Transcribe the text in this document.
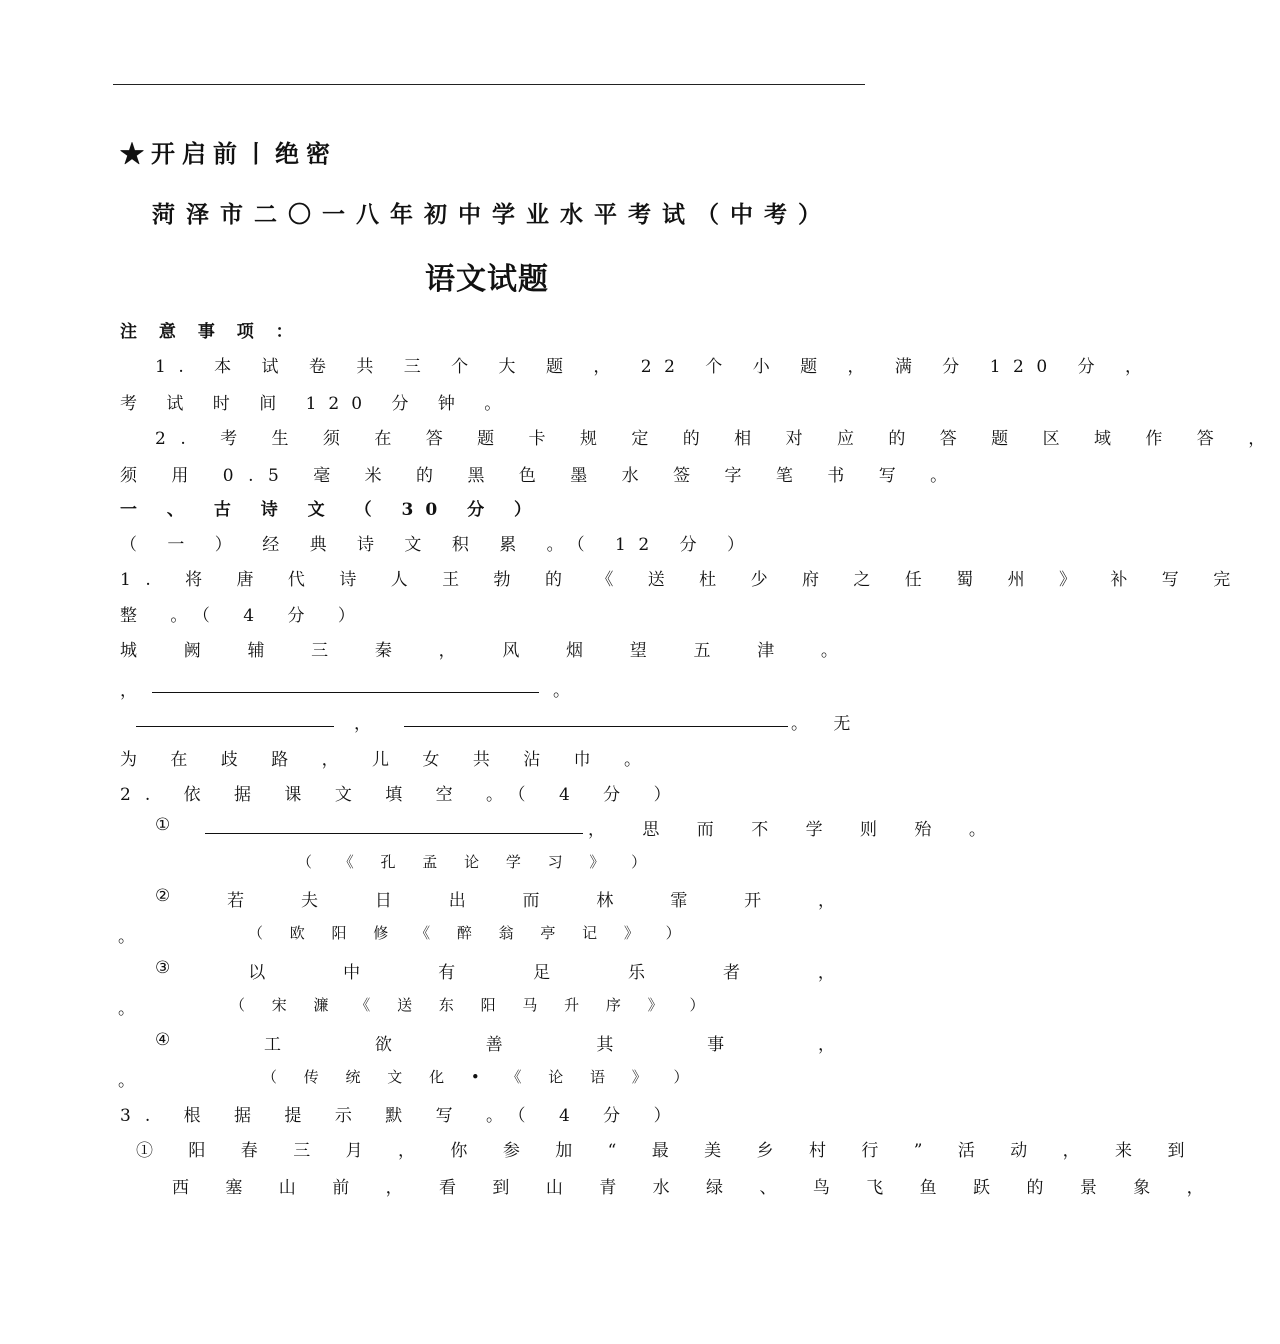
★开启前丨绝密
菏泽市二〇一八年初中学业水平考试（中考）
语文试题
注 意 事 项 ：
1. 本 试 卷 共 三 个 大 题 ， 22 个 小 题 ， 满 分 120 分 ，
考 试 时 间 120 分 钟 。
2. 考 生 须 在 答 题 卡 规 定 的 相 对 应 的 答 题 区 域 作 答 ，
须 用 0.5 毫 米 的 黑 色 墨 水 签 字 笔 书 写 。
一 、 古 诗 文 （ 30 分 ）
（ 一 ） 经 典 诗 文 积 累 。（ 12 分 ）
1. 将 唐 代 诗 人 王 勃 的 《 送 杜 少 府 之 任 蜀 州 》 补 写 完
整 。（ 4 分 ）
城	阙	辅	三	秦	，	风	烟	望	五	津	。
，	。
，	。 无
为 在 歧 路 ， 儿 女 共 沾 巾 。
2. 依 据 课 文 填 空 。（ 4 分 ）
①	， 思 而 不 学 则 殆 。
（ 《 孔 孟 论 学 习 》 ）
②	若	夫	日	出	而	林	霏	开	，
。	（ 欧 阳 修 《 醉 翁 亭 记 》 ）
③	以	中	有	足	乐	者	，
。	（ 宋 濂 《 送 东 阳 马 升 序 》 ）
④	工	欲	善	其	事	，
。	（ 传 统 文 化 • 《 论 语 》 ）
3. 根 据 提 示 默 写 。（ 4 分 ）
① 阳 春 三 月 ， 你 参 加 “ 最 美 乡 村 行 ” 活 动 ， 来 到
西 塞 山 前 ， 看 到 山 青 水 绿 、 鸟 飞 鱼 跃 的 景 象 ，
